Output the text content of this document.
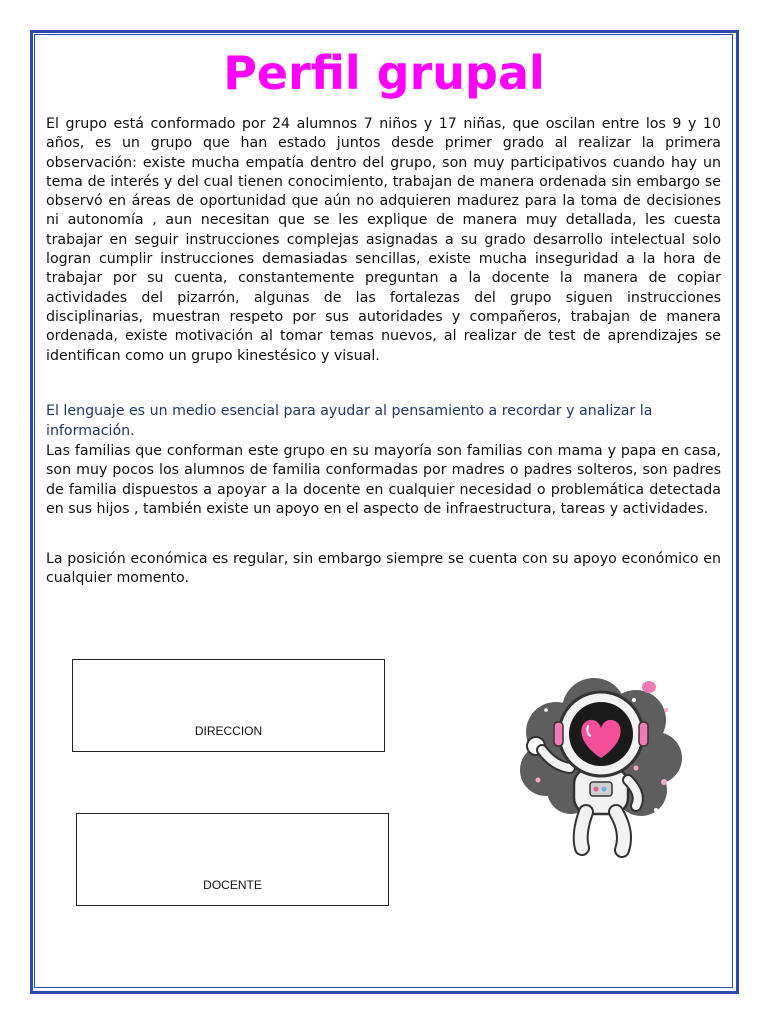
Perfil grupal

El grupo está conformado por 24 alumnos 7 niños y 17 niñas, que oscilan entre los 9 y 10 años, es un grupo que han estado juntos desde primer grado al realizar la primera observación: existe mucha empatía dentro del grupo, son muy participativos cuando hay un tema de interés y del cual tienen conocimiento, trabajan de manera ordenada sin embargo se observó en áreas de oportunidad que aún no adquieren madurez para la toma de decisiones ni autonomía , aun necesitan que se les explique de manera muy detallada, les cuesta trabajar en seguir instrucciones complejas asignadas a su grado desarrollo intelectual solo logran cumplir instrucciones demasiadas sencillas, existe mucha inseguridad a la hora de trabajar por su cuenta, constantemente preguntan a la docente la manera de copiar actividades del pizarrón, algunas de las fortalezas del grupo siguen instrucciones disciplinarias, muestran respeto por sus autoridades y compañeros, trabajan de manera ordenada, existe motivación al tomar temas nuevos, al realizar de test de aprendizajes se identifican como un grupo kinestésico y visual.

El lenguaje es un medio esencial para ayudar al pensamiento a recordar y analizar la información.

Las familias que conforman este grupo en su mayoría son familias con mama y papa en casa, son muy pocos los alumnos de familia conformadas por madres o padres solteros, son padres de familia dispuestos a apoyar a la docente en cualquier necesidad o problemática detectada en sus hijos , también existe un apoyo en el aspecto de infraestructura, tareas y actividades.

La posición económica es regular, sin embargo siempre se cuenta con su apoyo económico en cualquier momento.

DIRECCION
DOCENTE
